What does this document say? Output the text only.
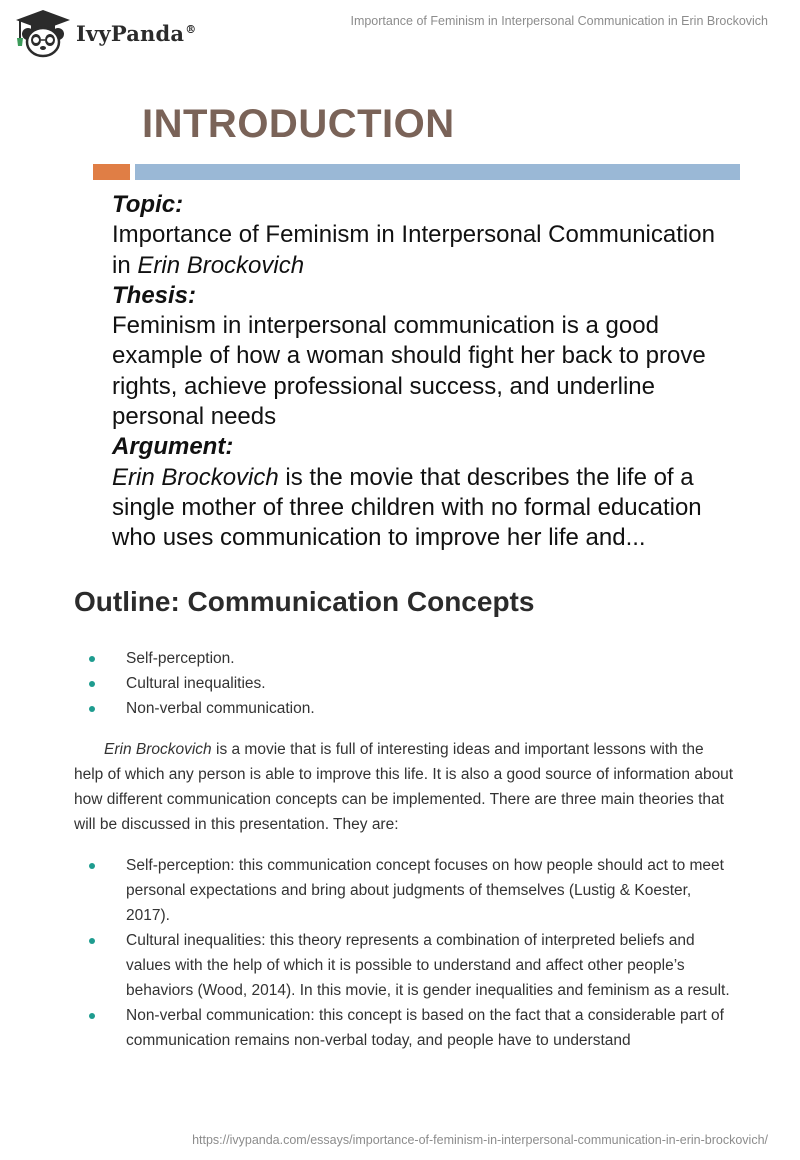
IvyPanda®
Importance of Feminism in Interpersonal Communication in Erin Brockovich
INTRODUCTION
Topic:
Importance of Feminism in Interpersonal Communication in Erin Brockovich
Thesis:
Feminism in interpersonal communication is a good example of how a woman should fight her back to prove rights, achieve professional success, and underline personal needs
Argument:
Erin Brockovich is the movie that describes the life of a single mother of three children with no formal education who uses communication to improve her life and...
Outline: Communication Concepts
Self-perception.
Cultural inequalities.
Non-verbal communication.

Erin Brockovich is a movie that is full of interesting ideas and important lessons with the help of which any person is able to improve this life. It is also a good source of information about how different communication concepts can be implemented. There are three main theories that will be discussed in this presentation. They are:

Self-perception: this communication concept focuses on how people should act to meet personal expectations and bring about judgments of themselves (Lustig & Koester, 2017).
Cultural inequalities: this theory represents a combination of interpreted beliefs and values with the help of which it is possible to understand and affect other people’s behaviors (Wood, 2014). In this movie, it is gender inequalities and feminism as a result.
Non-verbal communication: this concept is based on the fact that a considerable part of communication remains non-verbal today, and people have to understand
https://ivypanda.com/essays/importance-of-feminism-in-interpersonal-communication-in-erin-brockovich/
